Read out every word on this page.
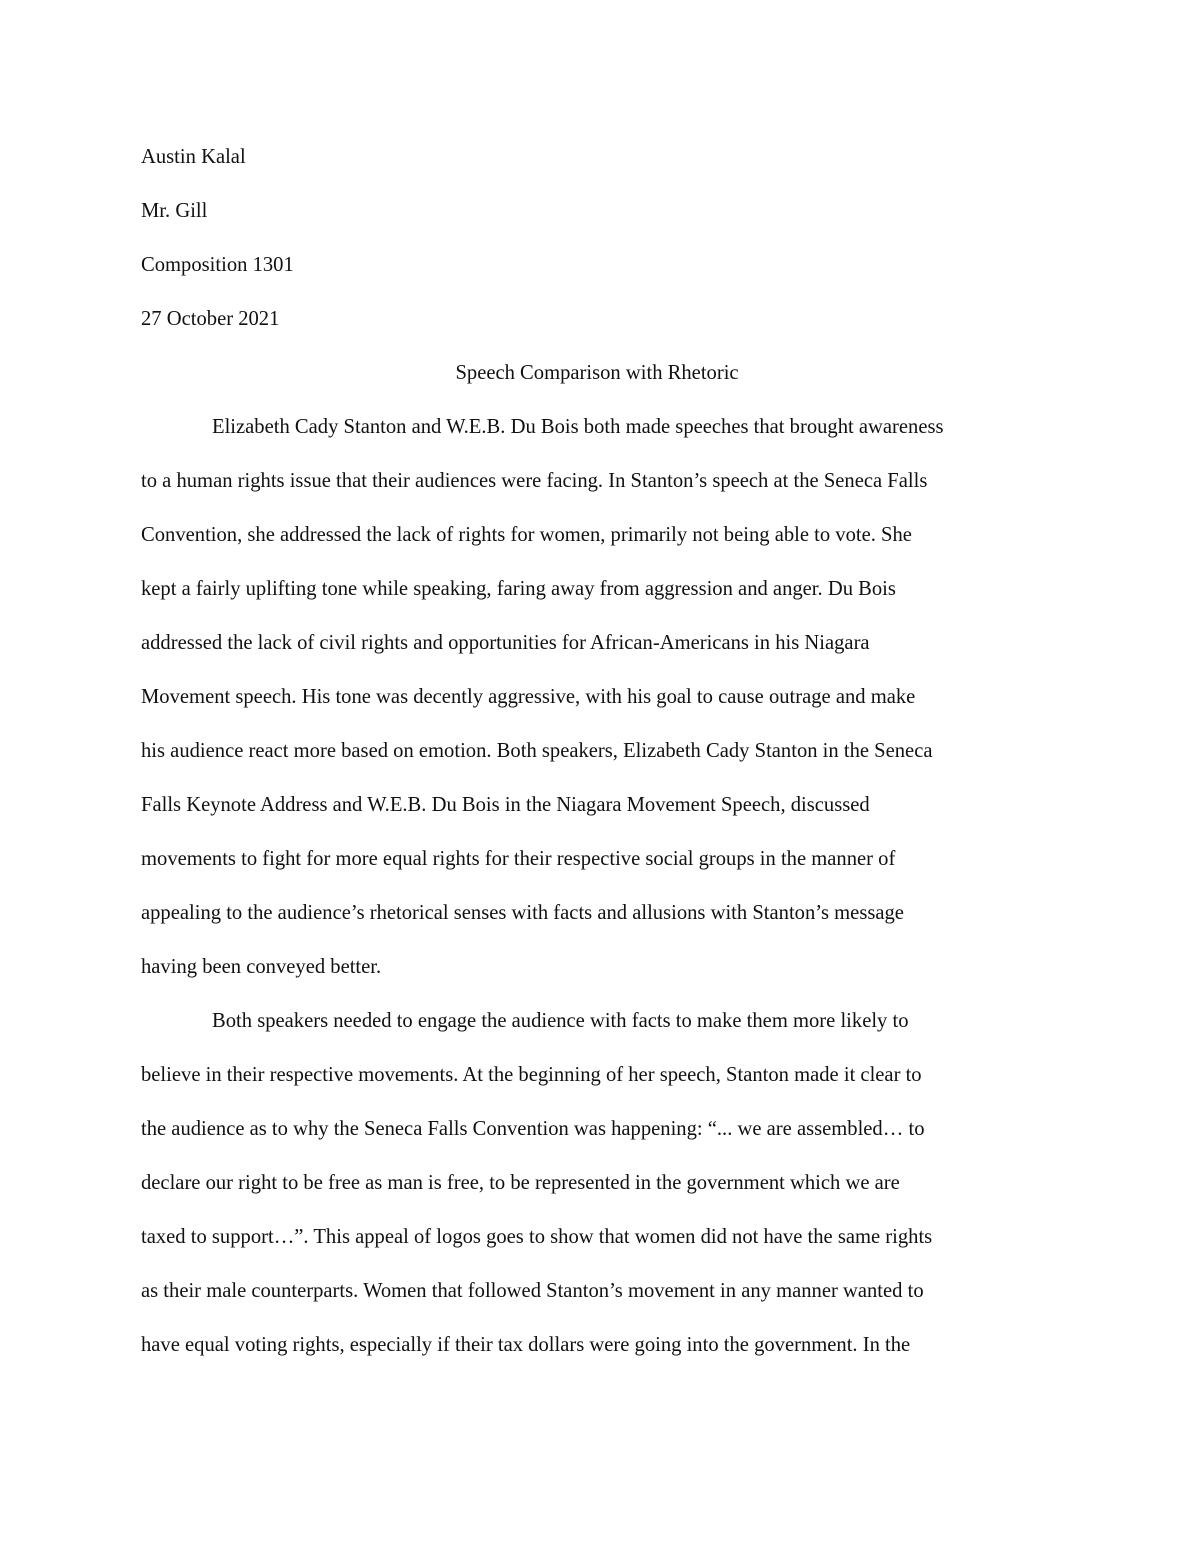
Austin Kalal
Mr. Gill
Composition 1301
27 October 2021
Speech Comparison with Rhetoric
Elizabeth Cady Stanton and W.E.B. Du Bois both made speeches that brought awareness
to a human rights issue that their audiences were facing. In Stanton’s speech at the Seneca Falls
Convention, she addressed the lack of rights for women, primarily not being able to vote. She
kept a fairly uplifting tone while speaking, faring away from aggression and anger. Du Bois
addressed the lack of civil rights and opportunities for African-Americans in his Niagara
Movement speech. His tone was decently aggressive, with his goal to cause outrage and make
his audience react more based on emotion. Both speakers, Elizabeth Cady Stanton in the Seneca
Falls Keynote Address and W.E.B. Du Bois in the Niagara Movement Speech, discussed
movements to fight for more equal rights for their respective social groups in the manner of
appealing to the audience’s rhetorical senses with facts and allusions with Stanton’s message
having been conveyed better.
Both speakers needed to engage the audience with facts to make them more likely to
believe in their respective movements. At the beginning of her speech, Stanton made it clear to
the audience as to why the Seneca Falls Convention was happening: “... we are assembled… to
declare our right to be free as man is free, to be represented in the government which we are
taxed to support…”. This appeal of logos goes to show that women did not have the same rights
as their male counterparts. Women that followed Stanton’s movement in any manner wanted to
have equal voting rights, especially if their tax dollars were going into the government. In the
